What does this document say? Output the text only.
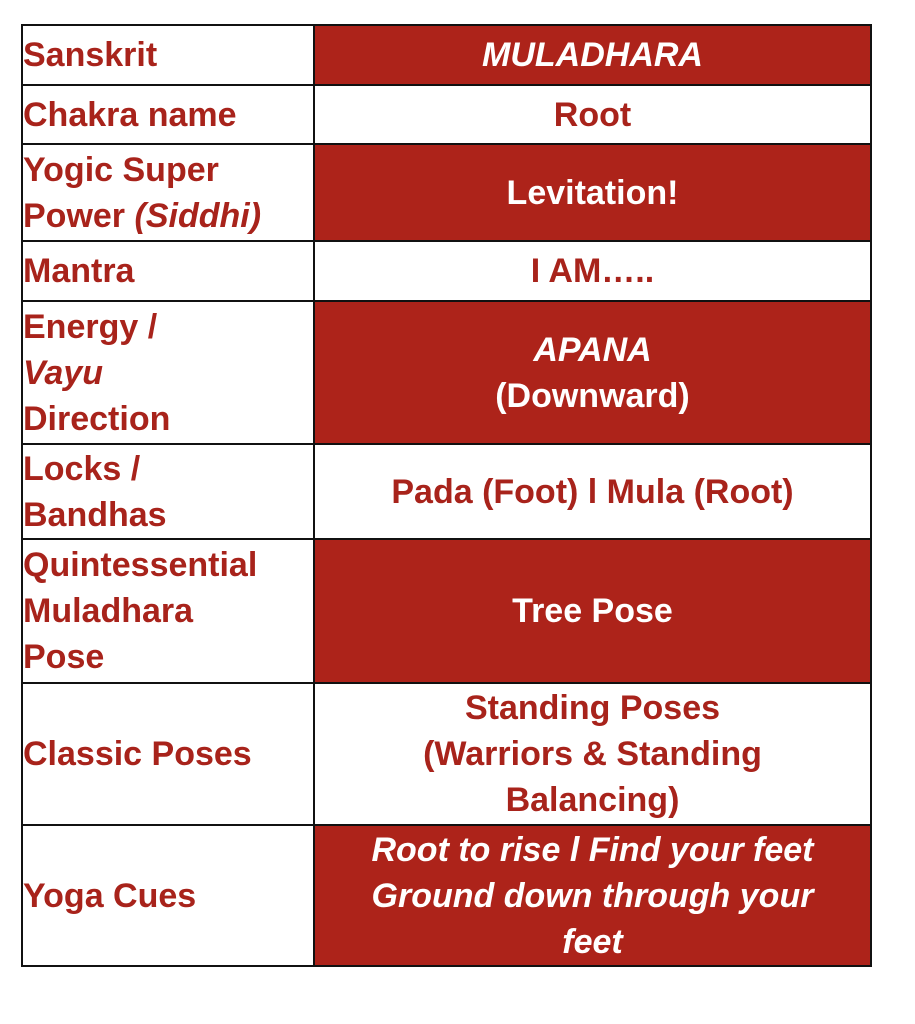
Sanskrit	MULADHARA
Chakra name	Root

Yogic Super
Power (Siddhi)	Levitation!
Mantra	I AM…..

Energy /
Vayu
Direction	APANA
(Downward)

Locks /
Bandhas	Pada (Foot) l Mula (Root)

Quintessential
Muladhara
Pose	Tree Pose
Classic Poses	Standing Poses
(Warriors & Standing
Balancing)

Yoga Cues	Root to rise l Find your feet
Ground down through your
feet
